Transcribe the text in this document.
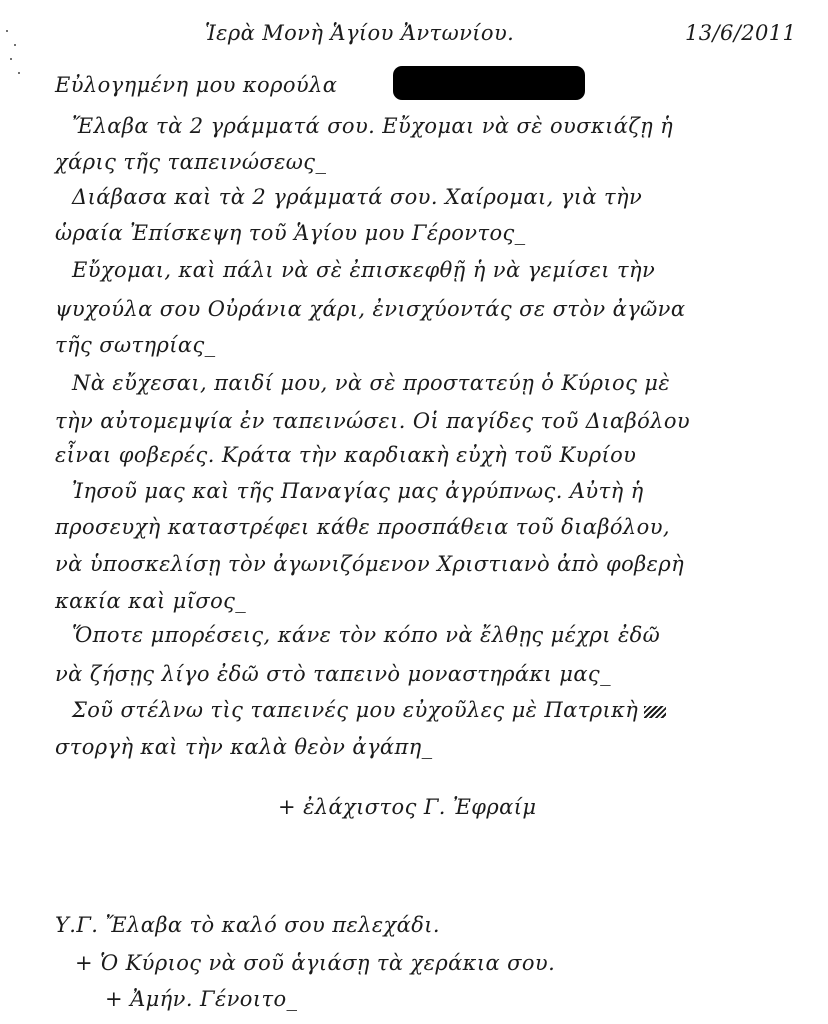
Ἱερὰ Μονὴ Ἁγίου Ἀντωνίου.	13/6/2011
Εὐλογημένη μου κορούλα
Ἔλαβα τὰ 2 γράμματά σου. Εὔχομαι νὰ σὲ ουσκιάζῃ ἡ
χάρις τῆς ταπεινώσεως_
Διάβασα καὶ τὰ 2 γράμματά σου. Χαίρομαι, γιὰ τὴν
ὡραία Ἐπίσκεψη τοῦ Ἁγίου μου Γέροντος_
Εὔχομαι, καὶ πάλι νὰ σὲ ἐπισκεφθῇ ἡ νὰ γεμίσει τὴν
ψυχούλα σου Οὐράνια χάρι, ἐνισχύοντάς σε στὸν ἀγῶνα
τῆς σωτηρίας_
Νὰ εὔχεσαι, παιδί μου, νὰ σὲ προστατεύῃ ὁ Κύριος μὲ
τὴν αὐτομεμψία ἐν ταπεινώσει. Οἱ παγίδες τοῦ Διαβόλου
εἶναι φοβερές. Κράτα τὴν καρδιακὴ εὐχὴ τοῦ Κυρίου
Ἰησοῦ μας καὶ τῆς Παναγίας μας ἀγρύπνως. Αὐτὴ ἡ
προσευχὴ καταστρέφει κάθε προσπάθεια τοῦ διαβόλου,
νὰ ὑποσκελίσῃ τὸν ἀγωνιζόμενον Χριστιανὸ ἀπὸ φοβερὴ
κακία καὶ μῖσος_
Ὅποτε μπορέσεις, κάνε τὸν κόπο νὰ ἔλθῃς μέχρι ἐδῶ
νὰ ζήσῃς λίγο ἐδῶ στὸ ταπεινὸ μοναστηράκι μας_
Σοῦ στέλνω τὶς ταπεινές μου εὐχοῦλες μὲ Πατρικὴ
στοργὴ καὶ τὴν καλὰ θεὸν ἀγάπη_
+ ἐλάχιστος Γ. Ἐφραίμ
Υ.Γ. Ἔλαβα τὸ καλό σου πελεχάδι.
+ Ὁ Κύριος νὰ σοῦ ἁγιάσῃ τὰ χεράκια σου.
+ Ἀμήν. Γένοιτο_
